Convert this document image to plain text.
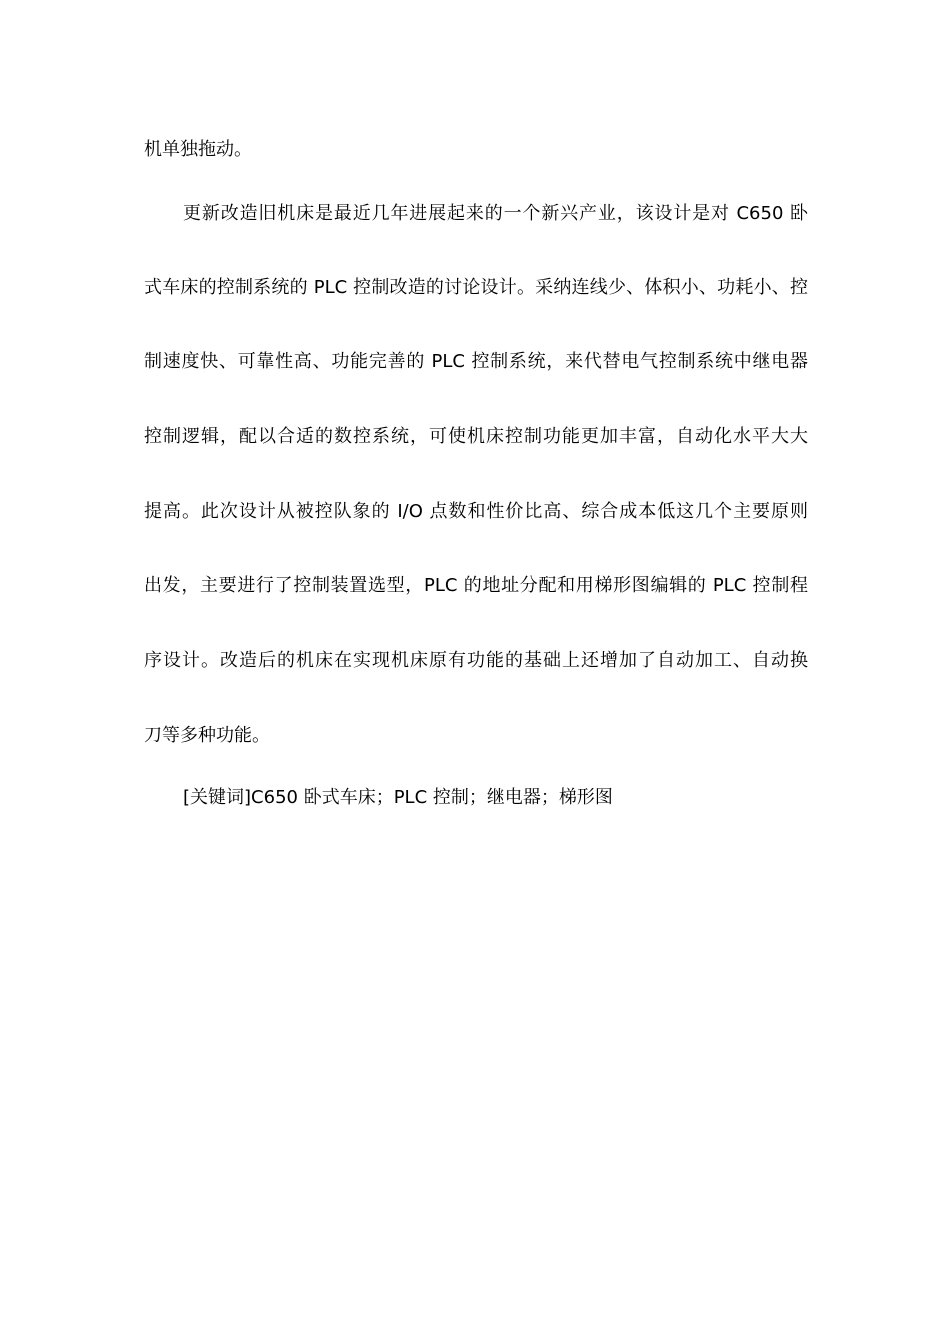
机单独拖动。
更新改造旧机床是最近几年进展起来的一个新兴产业，该设计是对 C650 卧
式车床的控制系统的 PLC 控制改造的讨论设计。采纳连线少、体积小、功耗小、控
制速度快、可靠性高、功能完善的 PLC 控制系统，来代替电气控制系统中继电器
控制逻辑，配以合适的数控系统，可使机床控制功能更加丰富，自动化水平大大
提高。此次设计从被控队象的 I/O 点数和性价比高、综合成本低这几个主要原则
出发，主要进行了控制装置选型，PLC 的地址分配和用梯形图编辑的 PLC 控制程
序设计。改造后的机床在实现机床原有功能的基础上还增加了自动加工、自动换
刀等多种功能。
[关键词]C650 卧式车床；PLC 控制；继电器；梯形图
